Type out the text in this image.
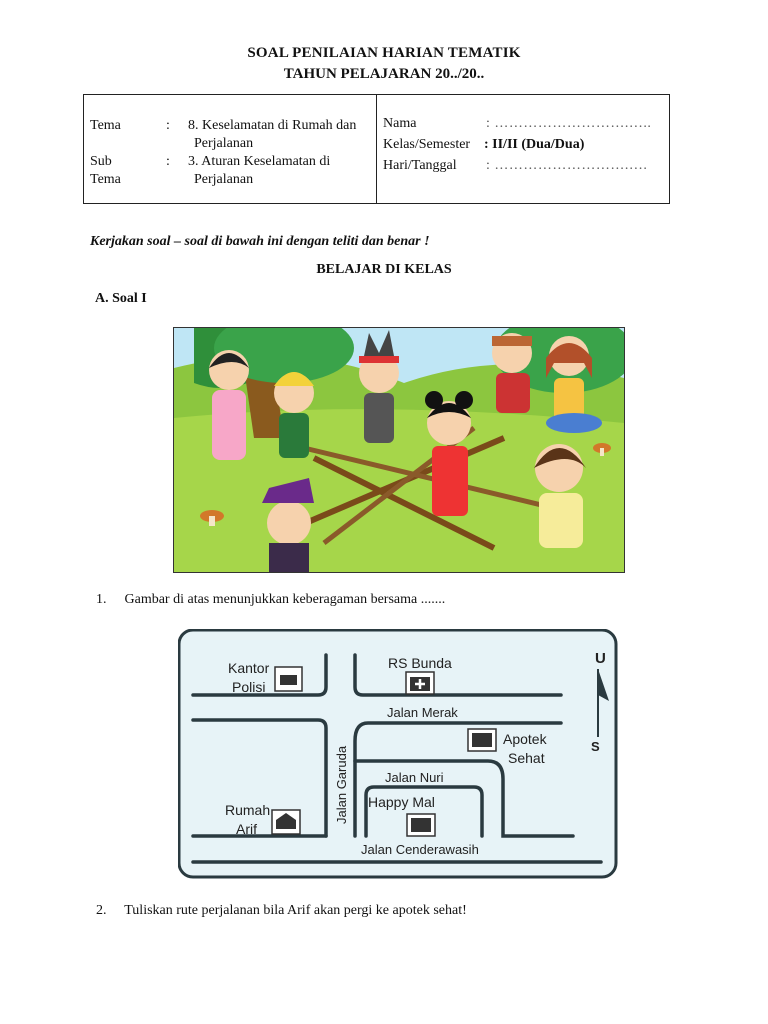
SOAL PENILAIAN HARIAN TEMATIK
TAHUN PELAJARAN 20../20..
Tema	: 8. Keselamatan di Rumah dan
Perjalanan
Sub Tema
: 3. Aturan Keselamatan di
Perjalanan
Nama	: ……………………….…..
Kelas/Semester : II/II (Dua/Dua)
Hari/Tanggal : ……………………….….
Kerjakan soal – soal di bawah ini dengan teliti dan benar !
BELAJAR DI KELAS
A. Soal I
1. Gambar di atas menunjukkan keberagaman bersama .......
U
S
Kantor
Polisi
RS Bunda
Jalan Merak
Apotek
Sehat
Jalan Garuda	Jalan Nuri
Happy Mal
Rumah
Arif
Jalan Cenderawasih
2. Tuliskan rute perjalanan bila Arif akan pergi ke apotek sehat!
